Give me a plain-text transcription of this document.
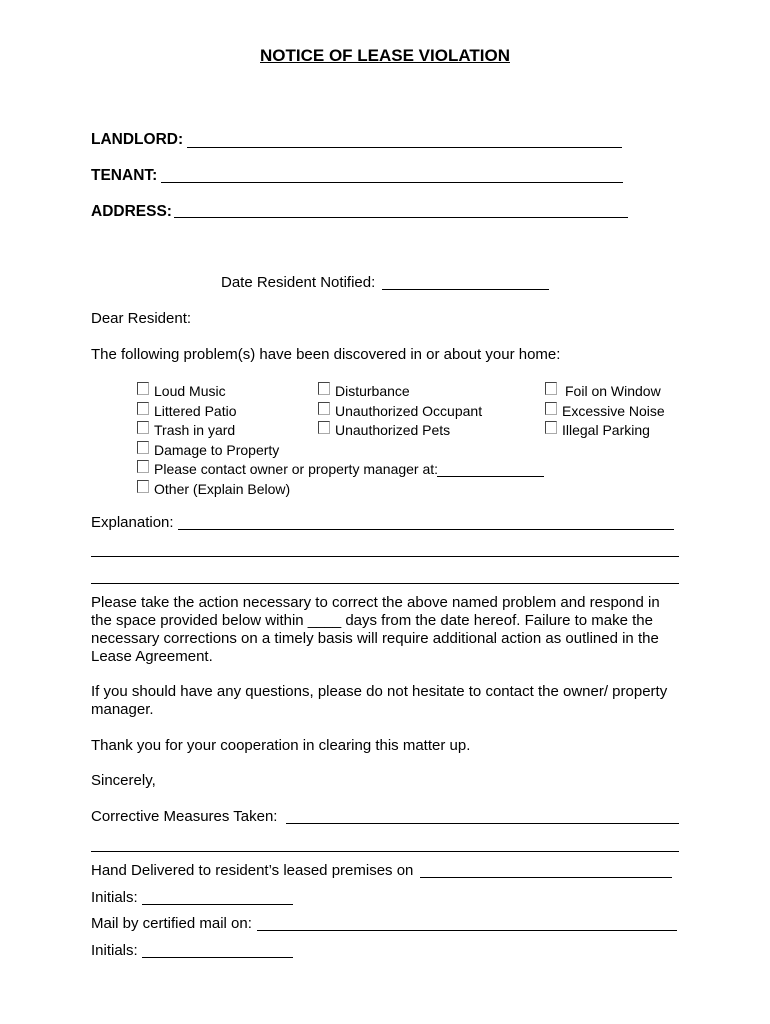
NOTICE OF LEASE VIOLATION
LANDLORD:
TENANT:
ADDRESS:
Date Resident Notified:
Dear Resident:
The following problem(s) have been discovered in or about your home:
Loud Music
Littered Patio
Trash in yard
Damage to Property
Please contact owner or property manager at:
Other (Explain Below)
Disturbance
Unauthorized Occupant
Unauthorized Pets
Foil on Window
Excessive Noise
Illegal Parking
Explanation:
Please take the action necessary to correct the above named problem and respond in the space provided below within ____ days from the date hereof. Failure to make the necessary corrections on a timely basis will require additional action as outlined in the Lease Agreement.
If you should have any questions, please do not hesitate to contact the owner/ property manager.
Thank you for your cooperation in clearing this matter up.
Sincerely,
Corrective Measures Taken:
Hand Delivered to resident’s leased premises on
Initials:
Mail by certified mail on:
Initials:
